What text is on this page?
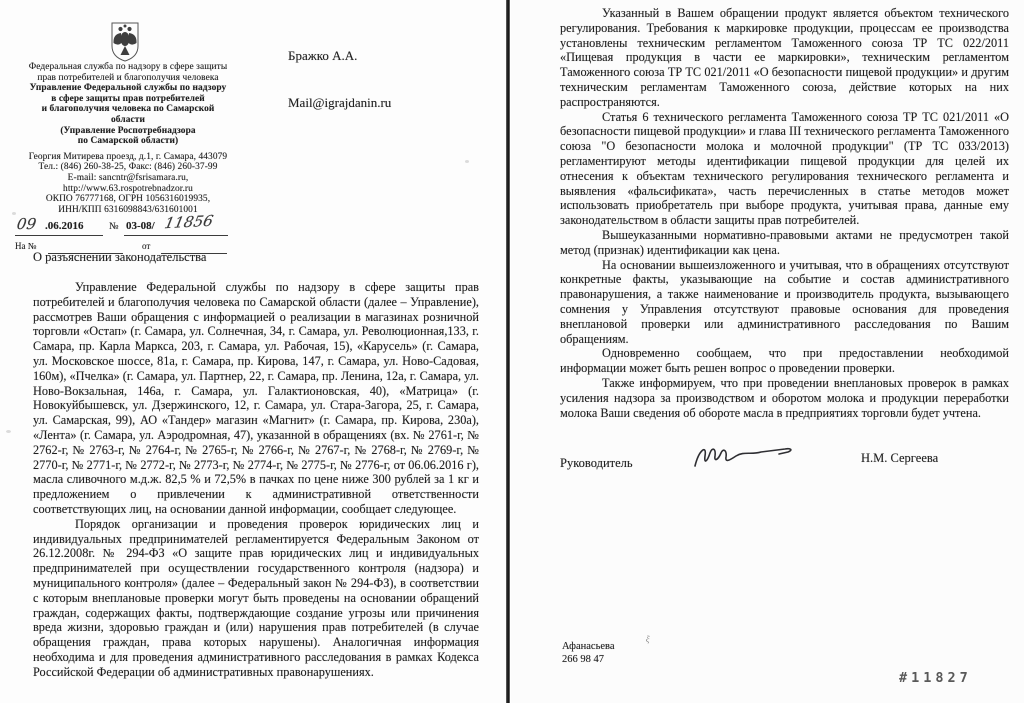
Федеральная служба по надзору в сфере защиты
прав потребителей и благополучия человека
Управление Федеральной службы по надзору
в сфере защиты прав потребителей
и благополучия человека по Самарской
области
(Управление Роспотребнадзора
по Самарской области)
Георгия Митирева проезд, д.1, г. Самара, 443079
Тел.: (846) 260-38-25, Факс: (846) 260-37-99
E-mail: sancntr@fsrisamara.ru,
http://www.63.rospotrebnadzor.ru
ОКПО 76777168, ОГРН 1056316019935,
ИНН/КПП 6316098843/631601001
09 .06.2016	№ 03-08/ 11856
На №	от
Бражко А.А.
Mail@igrajdanin.ru
О разъяснении законодательства

Управление Федеральной службы по надзору в сфере защиты прав потребителей и благополучия человека по Самарской области (далее – Управление), рассмотрев Ваши обращения с информацией о реализации в магазинах розничной торговли «Остап» (г. Самара, ул. Солнечная, 34, г. Самара, ул. Революционная,133, г. Самара, пр. Карла Маркса, 203, г. Самара, ул. Рабочая, 15), «Карусель» (г. Самара, ул. Московское шоссе, 81а, г. Самара, пр. Кирова, 147, г. Самара, ул. Ново-Садовая, 160м), «Пчелка» (г. Самара, ул. Партнер, 22, г. Самара, пр. Ленина, 12а, г. Самара, ул. Ново-Вокзальная, 146а, г. Самара, ул. Галактионовская, 40), «Матрица» (г. Новокуйбышевск, ул. Дзержинского, 12, г. Самара, ул. Стара-Загора, 25, г. Самара, ул. Самарская, 99), АО «Тандер» магазин «Магнит» (г. Самара, пр. Кирова, 230а), «Лента» (г. Самара, ул. Аэродромная, 47), указанной в обращениях (вх. № 2761-г, № 2762-г, № 2763-г, № 2764-г, № 2765-г, № 2766-г, № 2767-г, № 2768-г, № 2769-г, № 2770-г, № 2771-г, № 2772-г, № 2773-г, № 2774-г, № 2775-г, № 2776-г, от 06.06.2016 г), масла сливочного м.д.ж. 82,5 % и 72,5% в пачках по цене ниже 300 рублей за 1 кг и предложением о привлечении к административной ответственности соответствующих лиц, на основании данной информации, сообщает следующее.

Порядок организации и проведения проверок юридических лиц и индивидуальных предпринимателей регламентируется Федеральным Законом от 26.12.2008г. № 294-ФЗ «О защите прав юридических лиц и индивидуальных предпринимателей при осуществлении государственного контроля (надзора) и муниципального контроля» (далее – Федеральный закон № 294-ФЗ), в соответствии с которым внеплановые проверки могут быть проведены на основании обращений граждан, содержащих факты, подтверждающие создание угрозы или причинения вреда жизни, здоровью граждан и (или) нарушения прав потребителей (в случае обращения граждан, права которых нарушены). Аналогичная информация необходима и для проведения административного расследования в рамках Кодекса Российской Федерации об административных правонарушениях.

Указанный в Вашем обращении продукт является объектом технического регулирования. Требования к маркировке продукции, процессам ее производства установлены техническим регламентом Таможенного союза ТР ТС 022/2011 «Пищевая продукция в части ее маркировки», техническим регламентом Таможенного союза ТР ТС 021/2011 «О безопасности пищевой продукции» и другим техническим регламентам Таможенного союза, действие которых на них распространяются.

Статья 6 технического регламента Таможенного союза ТР ТС 021/2011 «О безопасности пищевой продукции» и глава III технического регламента Таможенного союза "О безопасности молока и молочной продукции" (ТР ТС 033/2013) регламентируют методы идентификации пищевой продукции для целей их отнесения к объектам технического регулирования технического регламента и выявления «фальсификата», часть перечисленных в статье методов может использовать приобретатель при выборе продукта, учитывая права, данные ему законодательством в области защиты прав потребителей.

Вышеуказанными нормативно-правовыми актами не предусмотрен такой метод (признак) идентификации как цена.

На основании вышеизложенного и учитывая, что в обращениях отсутствуют конкретные факты, указывающие на событие и состав административного правонарушения, а также наименование и производитель продукта, вызывающего сомнения у Управления отсутствуют правовые основания для проведения внеплановой проверки или административного расследования по Вашим обращениям.

Одновременно сообщаем, что при предоставлении необходимой информации может быть решен вопрос о проведении проверки.

Также информируем, что при проведении внеплановых проверок в рамках усиления надзора за производством и оборотом молока и продукции переработки молока Ваши сведения об обороте масла в предприятиях торговли будет учтена.

Руководитель	Н.М. Сергеева
Афанасьева
266 98 47
ξ
#11827
